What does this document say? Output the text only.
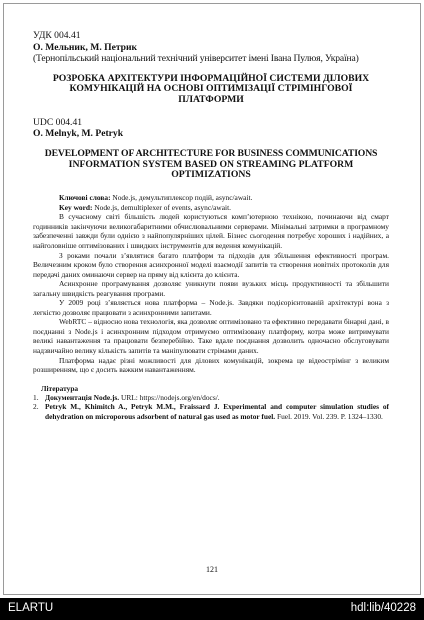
УДК 004.41
О. Мельник, М. Петрик
(Тернопільський національний технічний університет імені Івана Пулюя, Україна)
РОЗРОБКА АРХІТЕКТУРИ ІНФОРМАЦІЙНОЇ СИСТЕМИ ДІЛОВИХ
КОМУНІКАЦІЙ НА ОСНОВІ ОПТИМІЗАЦІЇ СТРІМІНГОВОЇ
ПЛАТФОРМИ
UDC 004.41
O. Melnyk, M. Petryk
DEVELOPMENT OF ARCHITECTURE FOR BUSINESS COMMUNICATIONS
INFORMATION SYSTEM BASED ON STREAMING PLATFORM
OPTIMIZATIONS
Ключові слова: Node.js, демультиплексор подій, async/await.
Key word: Node.js, demultiplexer of events, async/await.

В сучасному світі більшість людей користуються комп’ютерною технікою, починаючи від смарт годинників закінчуючи великогабаритними обчислювальними серверами. Мінімальні затримки в програмному забезпеченні завжди були однією з найпопулярніших цілей. Бізнес сьогодення потребує хороших і надійних, а найголовніше оптимізованих і швидких інструментів для ведення комунікацій.

З роками почали з’являтися багато платформ та підходів для збільшення ефективності програм. Величезним кроком було створення асинхронної моделі взаємодії запитів та створення новітніх протоколів для передачі даних оминаючи сервер на пряму від клієнта до клієнта.

Асинхронне програмування дозволяє уникнути появи вузьких місць продуктивності та збільшити загальну швидкість реагування програми.

У 2009 році з’являється нова платформа – Node.js. Завдяки подієорієнтованій архітектурі вона з легкістю дозволяє працювати з асинхронними запитами.

WebRTC – відносно нова технологія, яка дозволяє оптимізовано та ефективно передавати бінарні дані, в поєднанні з Node.js і асинхронним підходом отримуємо оптимізовану платформу, котра може витримувати великі навантаження та працювати безперебійно. Таке вдале поєднання дозволить одночасно обслуговувати надзвичайно велику кількість запитів та маніпулювати стрімами даних.

Платформа надає різні можливості для ділових комунікацій, зокрема це відеострімінг з великим розширенням, що є досить важким навантаженням.

Література
1. Документація Node.js. URL: https://nodejs.org/en/docs/.
2. Petryk M., Khimitch A., Petryk M.M., Fraissard J. Experimental and computer simulation studies of dehydration on microporous adsorbent of natural gas used as motor fuel. Fuel. 2019. Vol. 239. P. 1324–1330.
121
ELARTU	hdl:lib/40228
